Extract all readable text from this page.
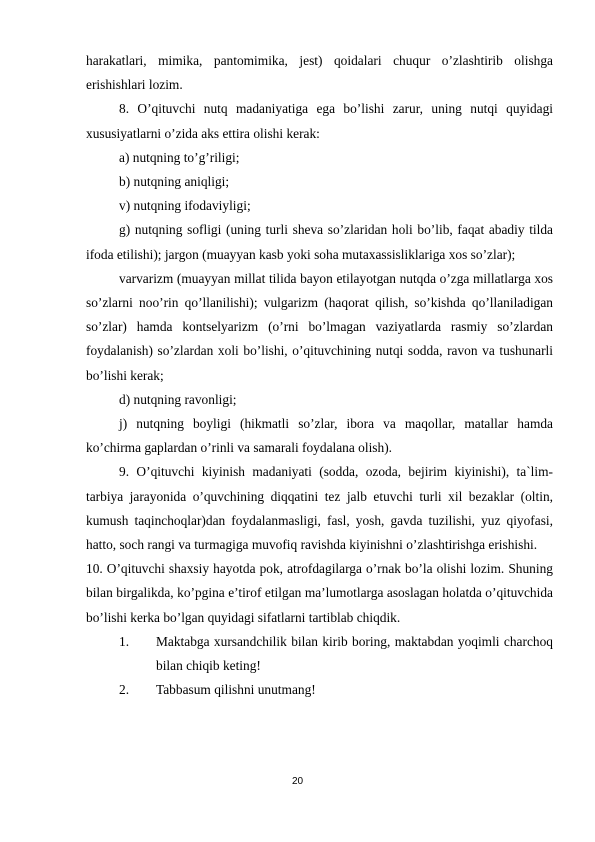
harakatlari, mimika, pantomimika, jest) qoidalari chuqur o’zlashtirib olishga erishishlari lozim.

8. O’qituvchi nutq madaniyatiga ega bo’lishi zarur, uning nutqi quyidagi xususiyatlarni o’zida aks ettira olishi kerak:

a) nutqning to’g’riligi;

b) nutqning aniqligi;

v) nutqning ifodaviyligi;

g) nutqning sofligi (uning turli sheva so’zlaridan holi bo’lib, faqat abadiy tilda ifoda etilishi); jargon (muayyan kasb yoki soha mutaxassisliklariga xos so’zlar);

varvarizm (muayyan millat tilida bayon etilayotgan nutqda o’zga millatlarga xos so’zlarni noo’rin qo’llanilishi); vulgarizm (haqorat qilish, so’kishda qo’llaniladigan so’zlar) hamda kontselyarizm (o’rni bo’lmagan vaziyatlarda rasmiy so’zlardan foydalanish) so’zlardan xoli bo’lishi, o’qituvchining nutqi sodda, ravon va tushunarli bo’lishi kerak;

d) nutqning ravonligi;

j) nutqning boyligi (hikmatli so’zlar, ibora va maqollar, matallar hamda ko’chirma gaplardan o’rinli va samarali foydalana olish).

9. O’qituvchi kiyinish madaniyati (sodda, ozoda, bejirim kiyinishi), ta`lim-tarbiya jarayonida o’quvchining diqqatini tez jalb etuvchi turli xil bezaklar (oltin, kumush taqinchoqlar)dan foydalanmasligi, fasl, yosh, gavda tuzilishi, yuz qiyofasi, hatto, soch rangi va turmagiga muvofiq ravishda kiyinishni o’zlashtirishga erishishi.

10. O’qituvchi shaxsiy hayotda pok, atrofdagilarga o’rnak bo’la olishi lozim. Shuning bilan birgalikda, ko’pgina e’tirof etilgan ma’lumotlarga asoslagan holatda o’qituvchida bo’lishi kerka bo’lgan quyidagi sifatlarni tartiblab chiqdik.

1.	Maktabga xursandchilik bilan kirib boring, maktabdan yoqimli charchoq bilan chiqib keting!
2.	Tabbasum qilishni unutmang!
20
